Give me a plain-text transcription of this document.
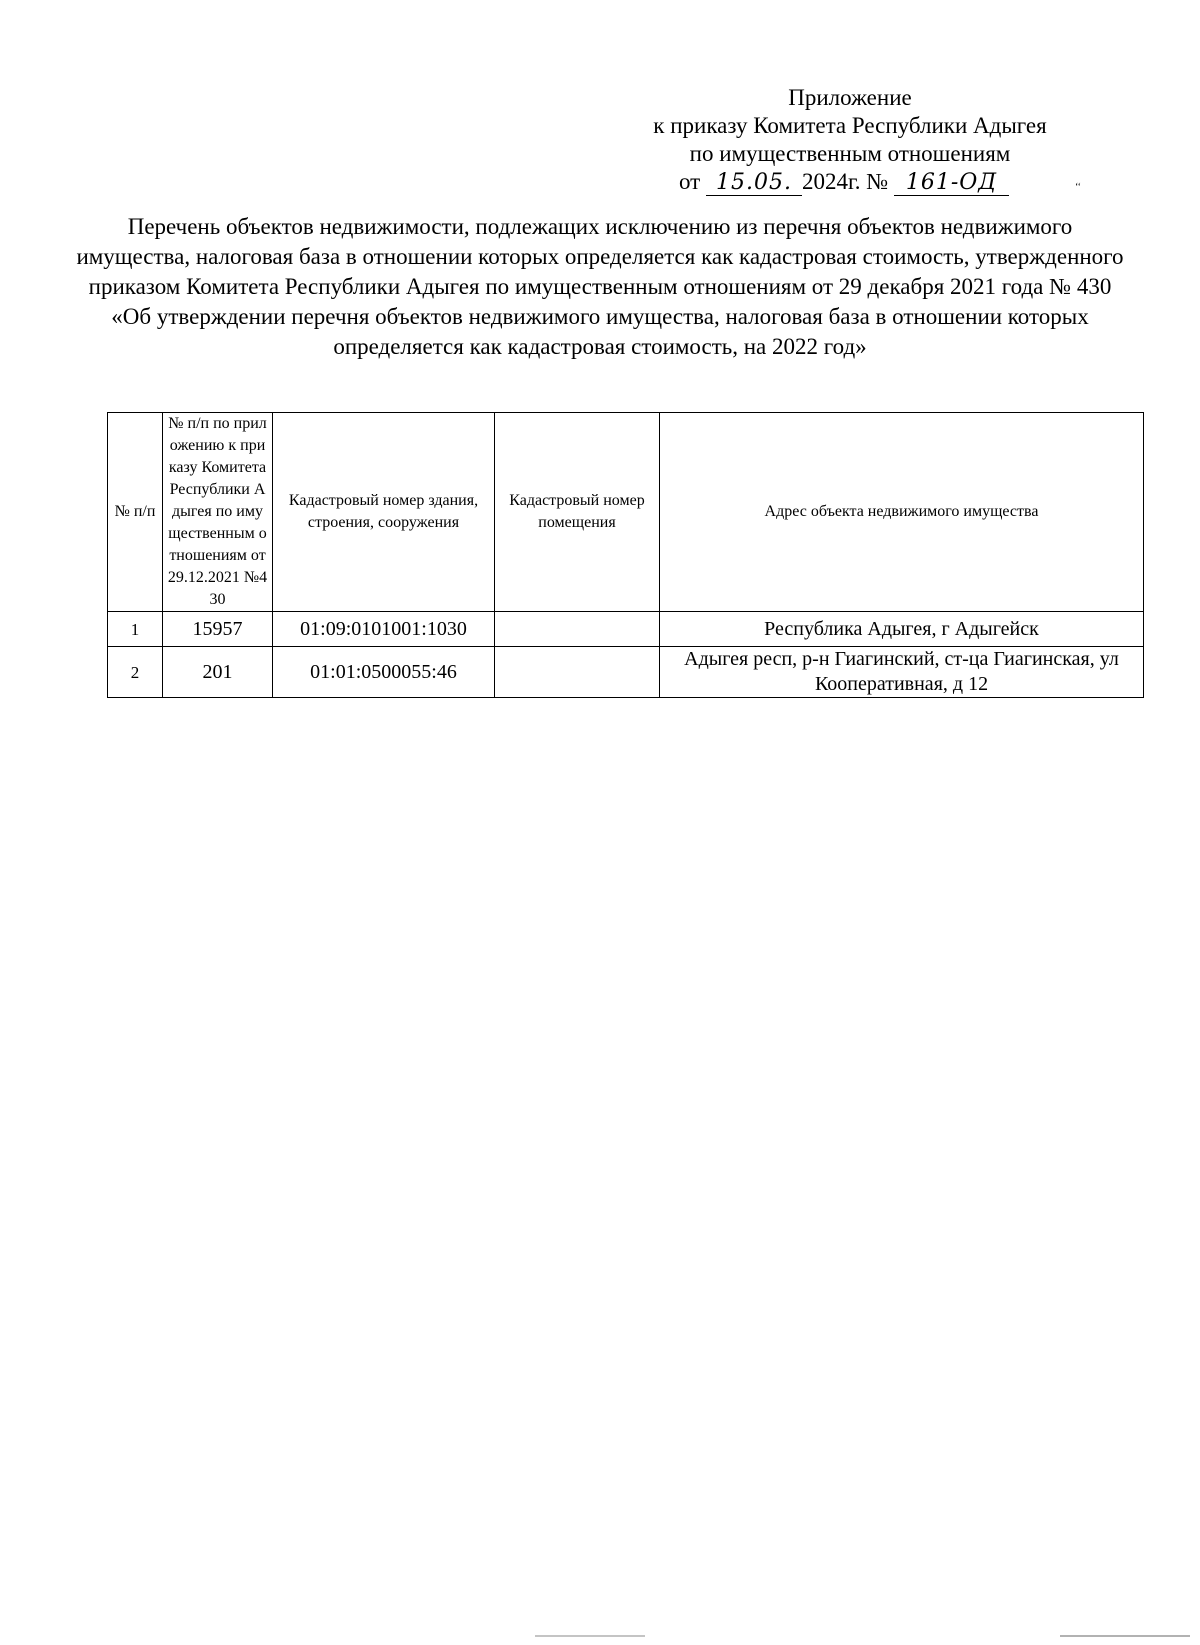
Приложение
к приказу Комитета Республики Адыгея
по имущественным отношениям
от 15.05. 2024г. № 161-ОД	‘‘
Перечень объектов недвижимости, подлежащих исключению из перечня объектов недвижимого имущества, налоговая база в отношении которых определяется как кадастровая стоимость, утвержденного приказом Комитета Республики Адыгея по имущественным отношениям от 29 декабря 2021 года № 430 «Об утверждении перечня объектов недвижимого имущества, налоговая база в отношении которых определяется как кадастровая стоимость, на 2022 год»
№ п/п	№ п/п по приложению к приказу Комитета Республики Адыгея по имущественным отношениям от 29.12.2021 №430	Кадастровый номер здания, строения, сооружения	Кадастровый номер помещения	Адрес объекта недвижимого имущества
1	15957	01:09:0101001:1030		Республика Адыгея, г Адыгейск
2	201	01:01:0500055:46		Адыгея респ, р-н Гиагинский, ст-ца Гиагинская, ул Кооперативная, д 12
